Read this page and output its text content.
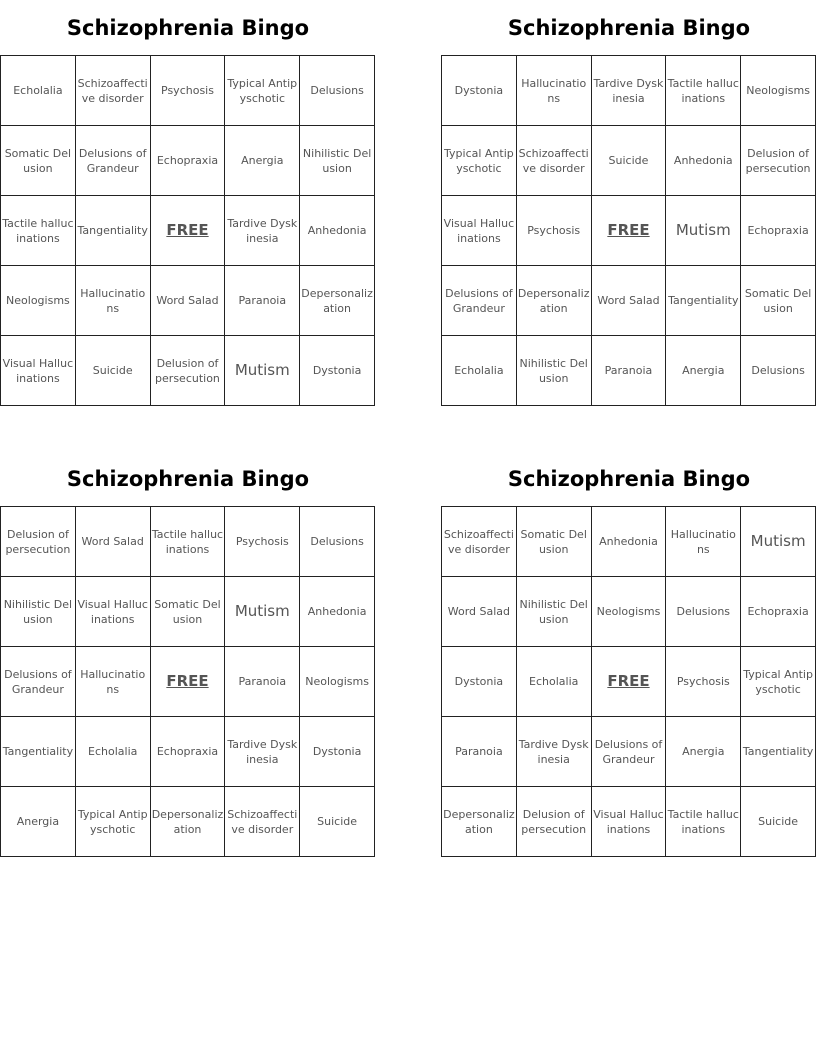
Schizophrenia Bingo
Echolalia	Schizoaffective disorder	Psychosis	Typical Antipyschotic	Delusions
Somatic Delusion	Delusions of Grandeur	Echopraxia	Anergia	Nihilistic Delusion
Tactile hallucinations	Tangentiality	FREE	Tardive Dyskinesia	Anhedonia
Neologisms	Hallucinations	Word Salad	Paranoia	Depersonalization
Visual Hallucinations	Suicide	Delusion of persecution	Mutism	Dystonia
Schizophrenia Bingo
Dystonia	Hallucinations	Tardive Dyskinesia	Tactile hallucinations	Neologisms
Typical Antipyschotic	Schizoaffective disorder	Suicide	Anhedonia	Delusion of persecution
Visual Hallucinations	Psychosis	FREE	Mutism	Echopraxia
Delusions of Grandeur	Depersonalization	Word Salad	Tangentiality	Somatic Delusion
Echolalia	Nihilistic Delusion	Paranoia	Anergia	Delusions
Schizophrenia Bingo
Delusion of persecution	Word Salad	Tactile hallucinations	Psychosis	Delusions
Nihilistic Delusion	Visual Hallucinations	Somatic Delusion	Mutism	Anhedonia
Delusions of Grandeur	Hallucinations	FREE	Paranoia	Neologisms
Tangentiality	Echolalia	Echopraxia	Tardive Dyskinesia	Dystonia
Anergia	Typical Antipyschotic	Depersonalization	Schizoaffective disorder	Suicide
Schizophrenia Bingo
Schizoaffective disorder	Somatic Delusion	Anhedonia	Hallucinations	Mutism
Word Salad	Nihilistic Delusion	Neologisms	Delusions	Echopraxia
Dystonia	Echolalia	FREE	Psychosis	Typical Antipyschotic
Paranoia	Tardive Dyskinesia	Delusions of Grandeur	Anergia	Tangentiality
Depersonalization	Delusion of persecution	Visual Hallucinations	Tactile hallucinations	Suicide
